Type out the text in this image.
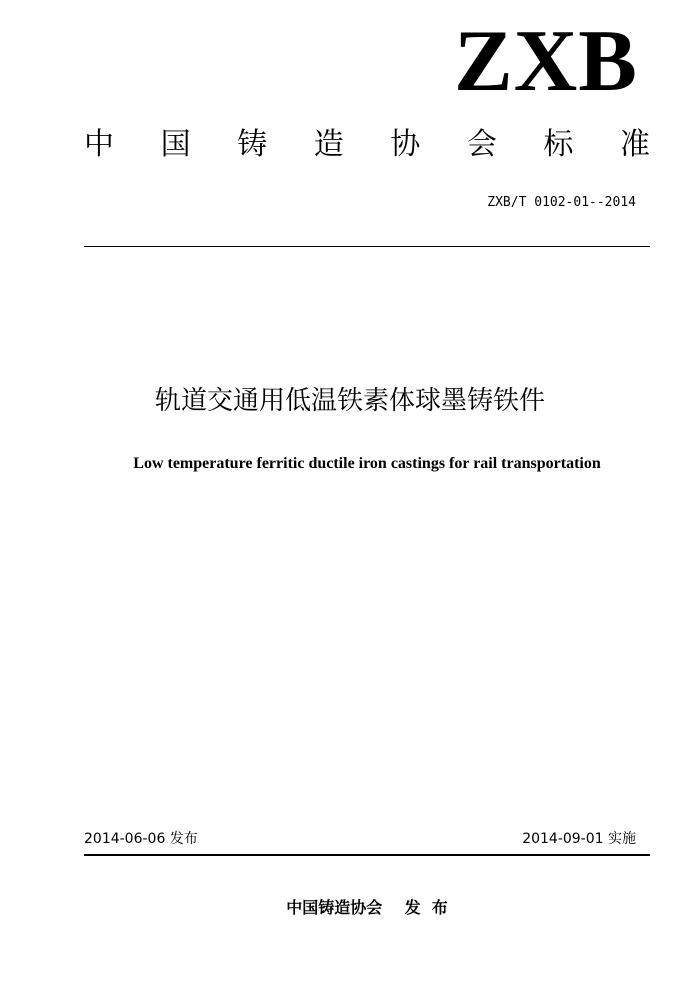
ZXB
中 国 铸 造 协 会 标 准
ZXB/T 0102-01--2014
轨道交通用低温铁素体球墨铸铁件
Low temperature ferritic ductile iron castings for rail transportation
2014-06-06 发布	2014-09-01 实施
中国铸造协会    发  布
